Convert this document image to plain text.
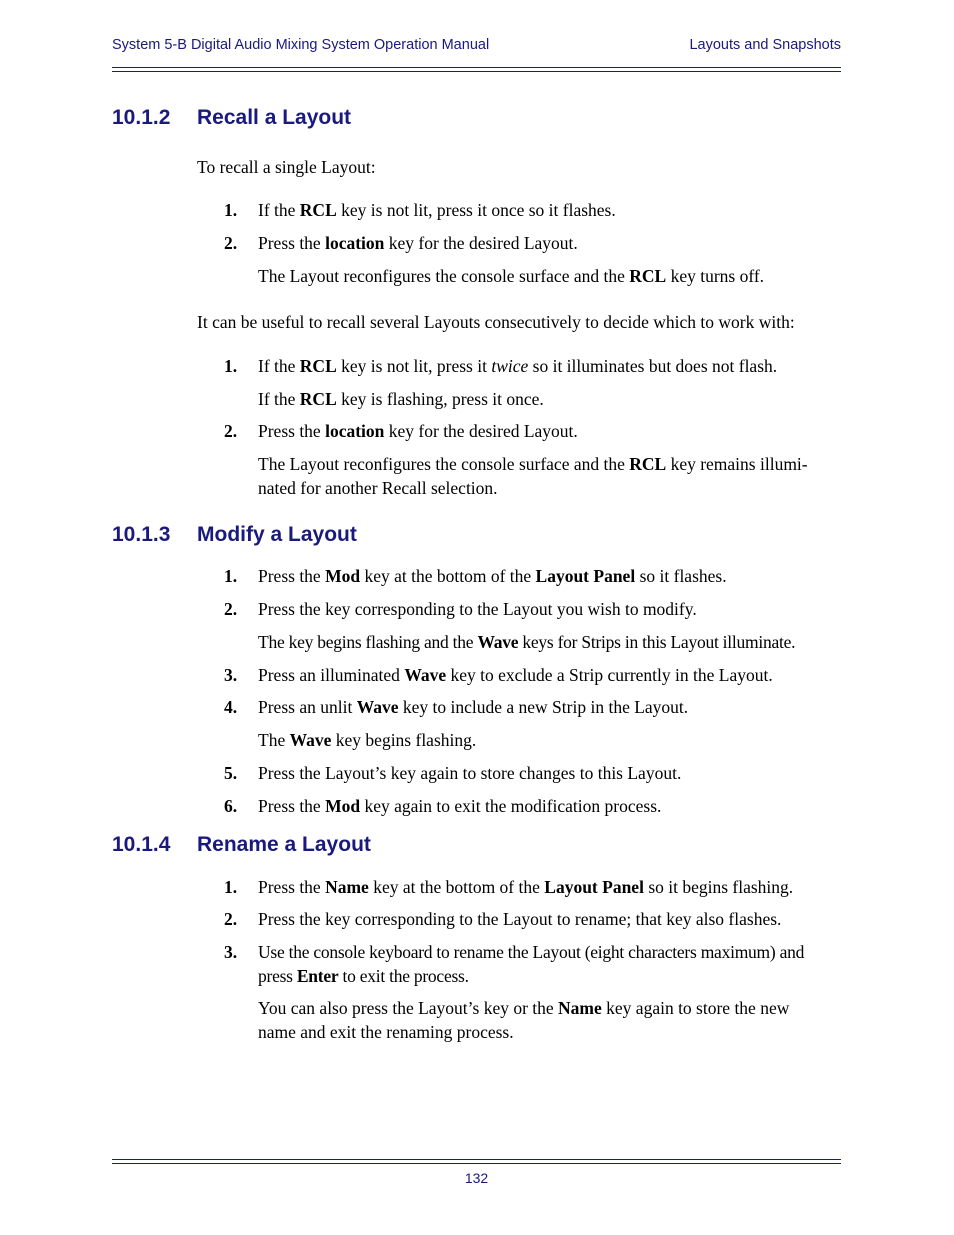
System 5-B Digital Audio Mixing System Operation Manual	Layouts and Snapshots
10.1.2 Recall a Layout
To recall a single Layout:
1. If the RCL key is not lit, press it once so it flashes.
2. Press the location key for the desired Layout.
The Layout reconfigures the console surface and the RCL key turns off.
It can be useful to recall several Layouts consecutively to decide which to work with:
1. If the RCL key is not lit, press it twice so it illuminates but does not flash.
If the RCL key is flashing, press it once.
2. Press the location key for the desired Layout.
The Layout reconfigures the console surface and the RCL key remains illumi-
nated for another Recall selection.
10.1.3 Modify a Layout
1. Press the Mod key at the bottom of the Layout Panel so it flashes.
2. Press the key corresponding to the Layout you wish to modify.
The key begins flashing and the Wave keys for Strips in this Layout illuminate.
3. Press an illuminated Wave key to exclude a Strip currently in the Layout.
4. Press an unlit Wave key to include a new Strip in the Layout.
The Wave key begins flashing.
5. Press the Layout’s key again to store changes to this Layout.
6. Press the Mod key again to exit the modification process.
10.1.4 Rename a Layout
1. Press the Name key at the bottom of the Layout Panel so it begins flashing.
2. Press the key corresponding to the Layout to rename; that key also flashes.
3. Use the console keyboard to rename the Layout (eight characters maximum) and
press Enter to exit the process.
You can also press the Layout’s key or the Name key again to store the new
name and exit the renaming process.
132
